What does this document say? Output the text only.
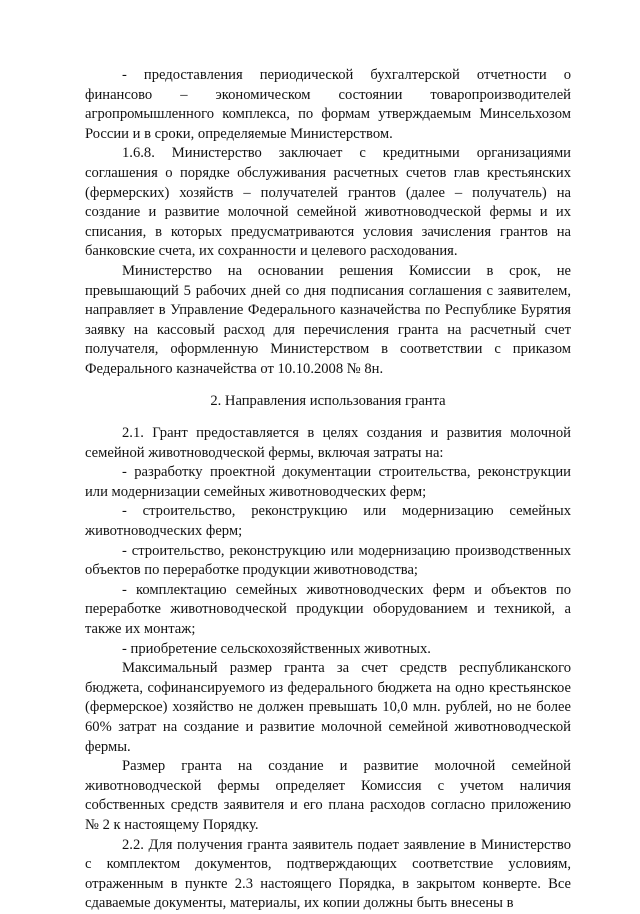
- предоставления периодической бухгалтерской отчетности о финансово – экономическом состоянии товаропроизводителей агропромышленного комплекса, по формам утверждаемым Минсельхозом России и в сроки, определяемые Министерством.

1.6.8. Министерство заключает с кредитными организациями соглашения о порядке обслуживания расчетных счетов глав крестьянских (фермерских) хозяйств – получателей грантов (далее – получатель) на создание и развитие молочной семейной животноводческой фермы и их списания, в которых предусматриваются условия зачисления грантов на банковские счета, их сохранности и целевого расходования.

Министерство на основании решения Комиссии в срок, не превышающий 5 рабочих дней со дня подписания соглашения с заявителем, направляет в Управление Федерального казначейства по Республике Бурятия заявку на кассовый расход для перечисления гранта на расчетный счет получателя, оформленную Министерством в соответствии с приказом Федерального казначейства от 10.10.2008 № 8н.

2. Направления использования гранта

2.1. Грант предоставляется в целях создания и развития молочной семейной животноводческой фермы, включая затраты на:

- разработку проектной документации строительства, реконструкции или модернизации семейных животноводческих ферм;

- строительство, реконструкцию или модернизацию семейных животноводческих ферм;

- строительство, реконструкцию или модернизацию производственных объектов по переработке продукции животноводства;

- комплектацию семейных животноводческих ферм и объектов по переработке животноводческой продукции оборудованием и техникой, а также их монтаж;

- приобретение сельскохозяйственных животных.

Максимальный размер гранта за счет средств республиканского бюджета, софинансируемого из федерального бюджета на одно крестьянское (фермерское) хозяйство не должен превышать 10,0 млн. рублей, но не более 60% затрат на создание и развитие молочной семейной животноводческой фермы.

Размер гранта на создание и развитие молочной семейной животноводческой фермы определяет Комиссия с учетом наличия собственных средств заявителя и его плана расходов согласно приложению № 2 к настоящему Порядку.

2.2. Для получения гранта заявитель подает заявление в Министерство с комплектом документов, подтверждающих соответствие условиям, отраженным в пункте 2.3 настоящего Порядка, в закрытом конверте. Все сдаваемые документы, материалы, их копии должны быть внесены в
